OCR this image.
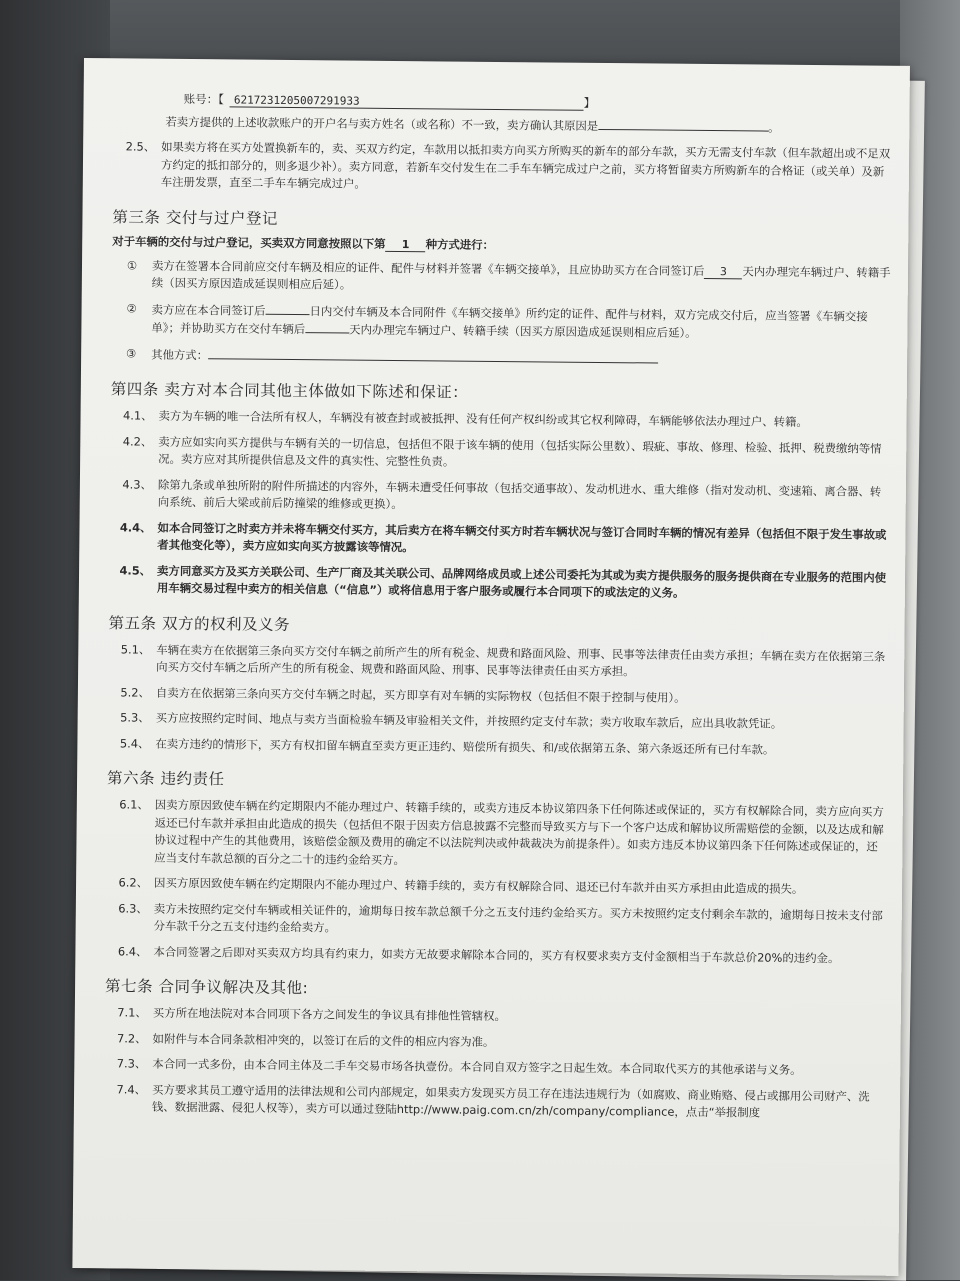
账号：【 6217231205007291933	】
若卖方提供的上述收款账户的开户名与卖方姓名（或名称）不一致，卖方确认其原因是	。
2.5、 如果卖方将在买方处置换新车的，卖、买双方约定，车款用以抵扣卖方向买方所购买的新车的部分车款，买方无需支付车款（但车款超出或不足双方约定的抵扣部分的，则多退少补）。卖方同意，若新车交付发生在二手车车辆完成过户之前，买方将暂留卖方所购新车的合格证（或关单）及新车注册发票，直至二手车车辆完成过户。
第三条 交付与过户登记
对于车辆的交付与过户登记，买卖双方同意按照以下第 1 种方式进行：
①	卖方在签署本合同前应交付车辆及相应的证件、配件与材料并签署《车辆交接单》，且应协助买方在合同签订后 3 天内办理完车辆过户、转籍手续（因买方原因造成延误则相应后延）。
②	卖方应在本合同签订后	日内交付车辆及本合同附件《车辆交接单》所约定的证件、配件与材料，双方完成交付后，应当签署《车辆交接单》；并协助买方在交付车辆后	天内办理完车辆过户、转籍手续（因买方原因造成延误则相应后延）。
③	其他方式：
第四条 卖方对本合同其他主体做如下陈述和保证：
4.1、 卖方为车辆的唯一合法所有权人，车辆没有被查封或被抵押、没有任何产权纠纷或其它权利障碍，车辆能够依法办理过户、转籍。
4.2、 卖方应如实向买方提供与车辆有关的一切信息，包括但不限于该车辆的使用（包括实际公里数）、瑕疵、事故、修理、检验、抵押、税费缴纳等情况。卖方应对其所提供信息及文件的真实性、完整性负责。
4.3、 除第九条或单独所附的附件所描述的内容外，车辆未遭受任何事故（包括交通事故）、发动机进水、重大维修（指对发动机、变速箱、离合器、转向系统、前后大梁或前后防撞梁的维修或更换）。
4.4、 如本合同签订之时卖方并未将车辆交付买方，其后卖方在将车辆交付买方时若车辆状况与签订合同时车辆的情况有差异（包括但不限于发生事故或者其他变化等），卖方应如实向买方披露该等情况。
4.5、 卖方同意买方及买方关联公司、生产厂商及其关联公司、品牌网络成员或上述公司委托为其或为卖方提供服务的服务提供商在专业服务的范围内使用车辆交易过程中卖方的相关信息（“信息”）或将信息用于客户服务或履行本合同项下的或法定的义务。
第五条 双方的权利及义务
5.1、 车辆在卖方在依据第三条向买方交付车辆之前所产生的所有税金、规费和路面风险、刑事、民事等法律责任由卖方承担；车辆在卖方在依据第三条向买方交付车辆之后所产生的所有税金、规费和路面风险、刑事、民事等法律责任由买方承担。
5.2、 自卖方在依据第三条向买方交付车辆之时起，买方即享有对车辆的实际物权（包括但不限于控制与使用）。
5.3、 买方应按照约定时间、地点与卖方当面检验车辆及审验相关文件，并按照约定支付车款；卖方收取车款后，应出具收款凭证。
5.4、 在卖方违约的情形下，买方有权扣留车辆直至卖方更正违约、赔偿所有损失、和/或依据第五条、第六条返还所有已付车款。
第六条 违约责任
6.1、 因卖方原因致使车辆在约定期限内不能办理过户、转籍手续的，或卖方违反本协议第四条下任何陈述或保证的，买方有权解除合同，卖方应向买方返还已付车款并承担由此造成的损失（包括但不限于因卖方信息披露不完整而导致买方与下一个客户达成和解协议所需赔偿的金额，以及达成和解协议过程中产生的其他费用，该赔偿金额及费用的确定不以法院判决或仲裁裁决为前提条件）。如卖方违反本协议第四条下任何陈述或保证的，还应当支付车款总额的百分之二十的违约金给买方。
6.2、 因买方原因致使车辆在约定期限内不能办理过户、转籍手续的，卖方有权解除合同、退还已付车款并由买方承担由此造成的损失。
6.3、 卖方未按照约定交付车辆或相关证件的，逾期每日按车款总额千分之五支付违约金给买方。买方未按照约定支付剩余车款的，逾期每日按未支付部分车款千分之五支付违约金给卖方。
6.4、 本合同签署之后即对买卖双方均具有约束力，如卖方无故要求解除本合同的，买方有权要求卖方支付金额相当于车款总价20%的违约金。
第七条 合同争议解决及其他:
7.1、 买方所在地法院对本合同项下各方之间发生的争议具有排他性管辖权。
7.2、 如附件与本合同条款相冲突的，以签订在后的文件的相应内容为准。
7.3、 本合同一式多份，由本合同主体及二手车交易市场各执壹份。本合同自双方签字之日起生效。本合同取代买方的其他承诺与义务。
7.4、 买方要求其员工遵守适用的法律法规和公司内部规定，如果卖方发现买方员工存在违法违规行为（如腐败、商业贿赂、侵占或挪用公司财产、洗钱、数据泄露、侵犯人权等），卖方可以通过登陆http://www.paig.com.cn/zh/company/compliance，点击“举报制度
